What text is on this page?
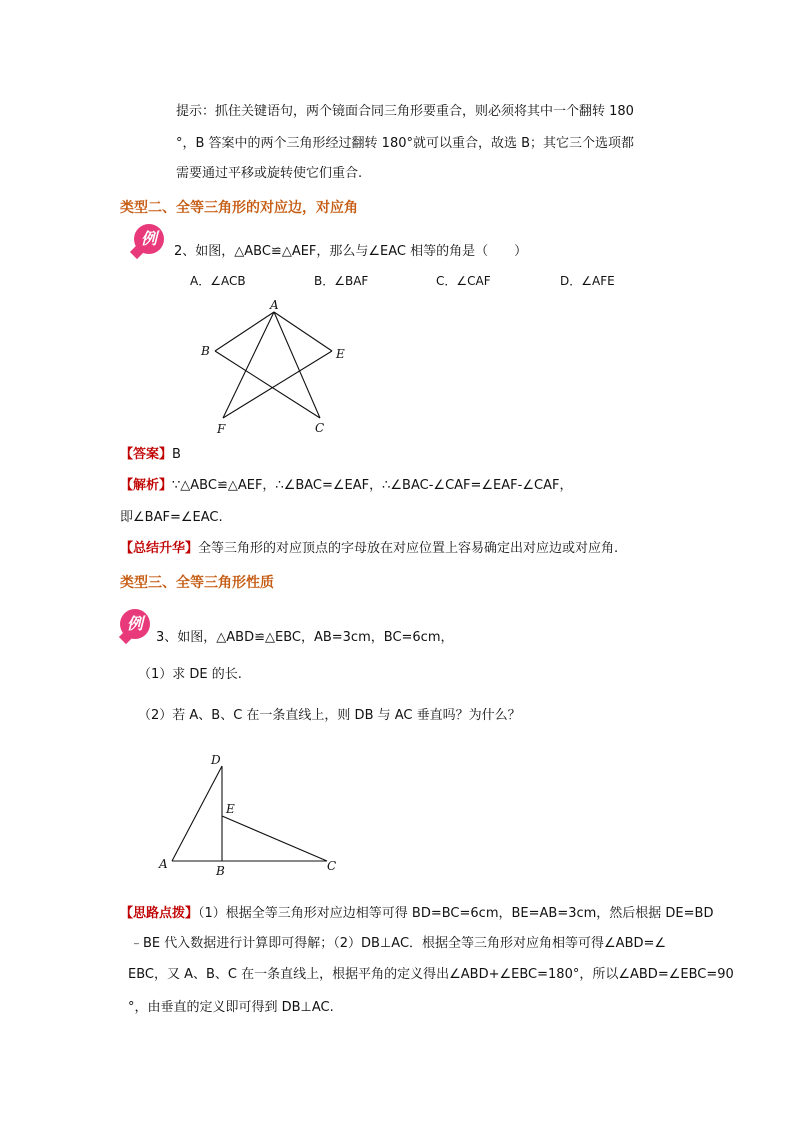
提示：抓住关键语句，两个镜面合同三角形要重合，则必须将其中一个翻转 180
°，B 答案中的两个三角形经过翻转 180°就可以重合，故选 B；其它三个选项都
需要通过平移或旋转使它们重合.
类型二、全等三角形的对应边，对应角
例
2、如图，△ABC≌△AEF，那么与∠EAC 相等的角是（　　）
A．∠ACB	B．∠BAF	C．∠CAF	D．∠AFE
A
B	E
F	C
【答案】B
【解析】∵△ABC≌△AEF，∴∠BAC=∠EAF，∴∠BAC-∠CAF=∠EAF-∠CAF，
即∠BAF=∠EAC.
【总结升华】全等三角形的对应顶点的字母放在对应位置上容易确定出对应边或对应角.
类型三、全等三角形性质
例
3、如图，△ABD≌△EBC，AB=3cm，BC=6cm，
（1）求 DE 的长.
（2）若 A、B、C 在一条直线上，则 DB 与 AC 垂直吗？为什么？
D
E
A	B	C
【思路点拨】（1）根据全等三角形对应边相等可得 BD=BC=6cm，BE=AB=3cm，然后根据 DE=BD
﹣BE 代入数据进行计算即可得解；（2）DB⊥AC．根据全等三角形对应角相等可得∠ABD=∠
EBC，又 A、B、C 在一条直线上，根据平角的定义得出∠ABD+∠EBC=180°，所以∠ABD=∠EBC=90
°，由垂直的定义即可得到 DB⊥AC.
